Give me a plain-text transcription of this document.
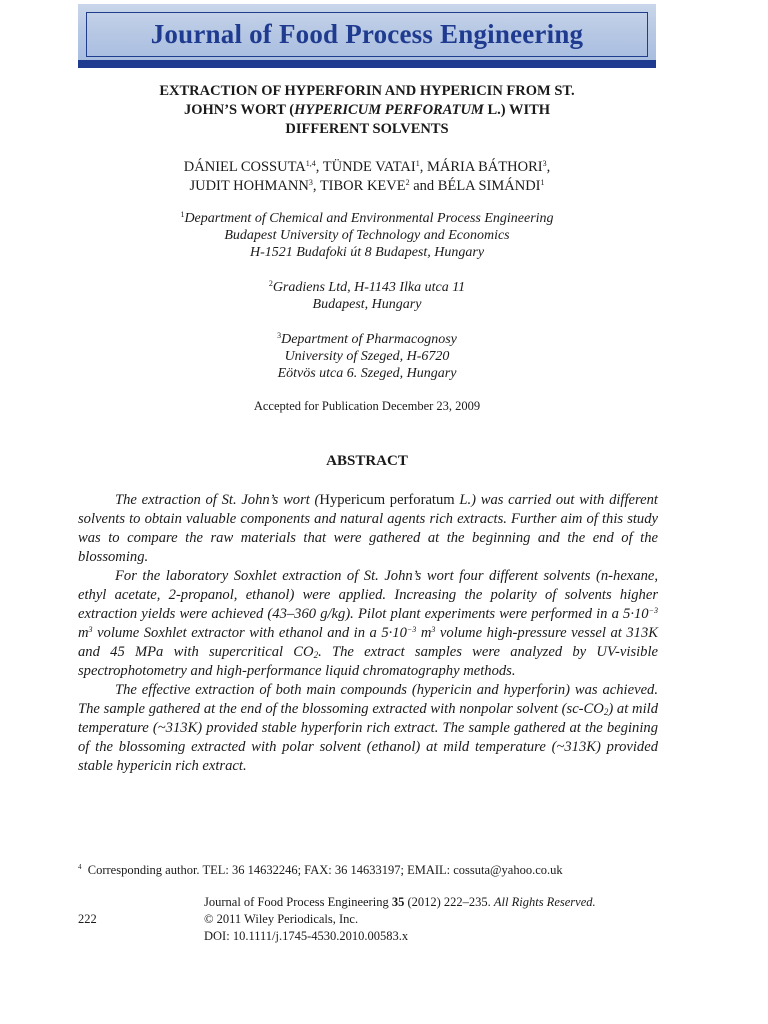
Journal of Food Process Engineering
EXTRACTION OF HYPERFORIN AND HYPERICIN FROM ST.
JOHN’S WORT (HYPERICUM PERFORATUM L.) WITH
DIFFERENT SOLVENTS
DÁNIEL COSSUTA$^{1,4}$, TÜNDE VATAI$^1$, MÁRIA BÁTHORI$^3$,
JUDIT HOHMANN$^3$, TIBOR KEVE$^2$ and BÉLA SIMÁNDI$^1$
$^1$Department of Chemical and Environmental Process Engineering
Budapest University of Technology and Economics
H-1521 Budafoki út 8 Budapest, Hungary
$^2$Gradiens Ltd, H-1143 Ilka utca 11
Budapest, Hungary
$^3$Department of Pharmacognosy
University of Szeged, H-6720
Eötvös utca 6. Szeged, Hungary
Accepted for Publication December 23, 2009
ABSTRACT

The extraction of St. John’s wort (Hypericum perforatum L.) was carried out with different solvents to obtain valuable components and natural agents rich extracts. Further aim of this study was to compare the raw materials that were gathered at the beginning and the end of the blossoming.

For the laboratory Soxhlet extraction of St. John’s wort four different solvents (n-hexane, ethyl acetate, 2-propanol, ethanol) were applied. Increasing the polarity of solvents higher extraction yields were achieved (43–360 g/kg). Pilot plant experiments were performed in a $5\cdot 10^{-3}$ $m^3$ volume Soxhlet extractor with ethanol and in a $5\cdot 10^{-3}$ $m^3$ volume high-pressure vessel at 313K and 45 MPa with supercritical $CO_2$. The extract samples were analyzed by UV-visible spectrophotometry and high-performance liquid chromatography methods.

The effective extraction of both main compounds (hypericin and hyperforin) was achieved. The sample gathered at the end of the blossoming extracted with nonpolar solvent $(sc-CO_2)$ at mild temperature (~313K) provided stable hyperforin rich extract. The sample gathered at the begining of the blossoming extracted with polar solvent (ethanol) at mild temperature (~313K) provided stable hypericin rich extract.

$^4$ Corresponding author. TEL: 36 14632246; FAX: 36 14633197; EMAIL: cossuta@yahoo.co.uk
222
Journal of Food Process Engineering 35 (2012) 222–235. All Rights Reserved.
© 2011 Wiley Periodicals, Inc.
DOI: 10.1111/j.1745-4530.2010.00583.x
